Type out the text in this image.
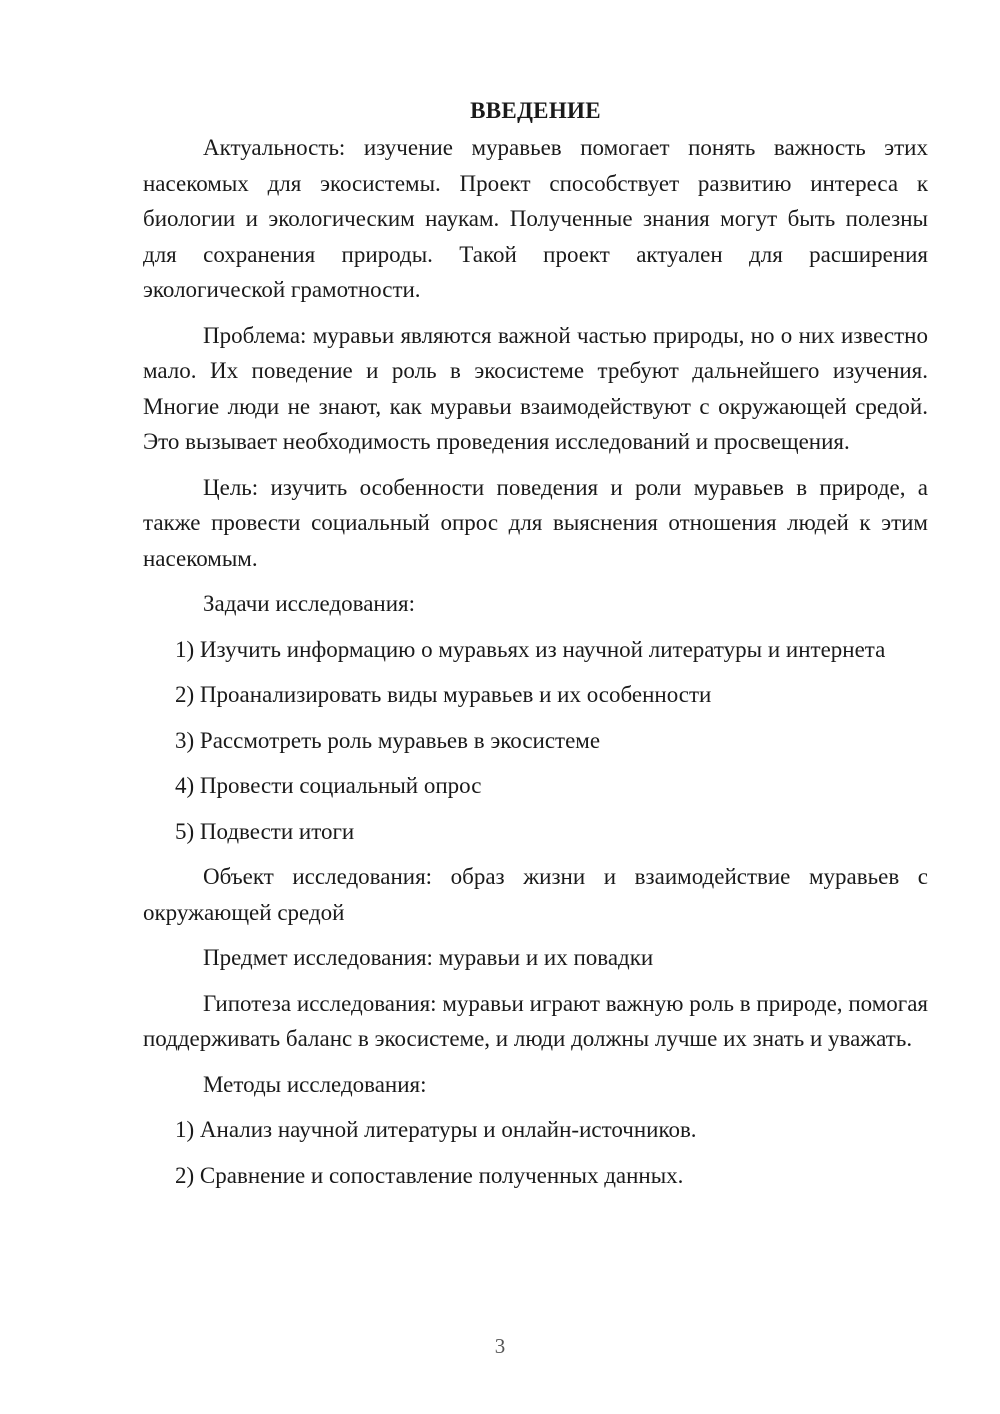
ВВЕДЕНИЕ

Актуальность: изучение муравьев помогает понять важность этих насекомых для экосистемы. Проект способствует развитию интереса к биологии и экологическим наукам. Полученные знания могут быть полезны для сохранения природы. Такой проект актуален для расширения экологической грамотности.

Проблема: муравьи являются важной частью природы, но о них известно мало. Их поведение и роль в экосистеме требуют дальнейшего изучения. Многие люди не знают, как муравьи взаимодействуют с окружающей средой. Это вызывает необходимость проведения исследований и просвещения.

Цель: изучить особенности поведения и роли муравьев в природе, а также провести социальный опрос для выяснения отношения людей к этим насекомым.

Задачи исследования:

1) Изучить информацию о муравьях из научной литературы и интернета

2) Проанализировать виды муравьев и их особенности

3) Рассмотреть роль муравьев в экосистеме

4) Провести социальный опрос

5) Подвести итоги

Объект исследования: образ жизни и взаимодействие муравьев с окружающей средой

Предмет исследования: муравьи и их повадки

Гипотеза исследования: муравьи играют важную роль в природе, помогая поддерживать баланс в экосистеме, и люди должны лучше их знать и уважать.

Методы исследования:

1) Анализ научной литературы и онлайн-источников.

2) Сравнение и сопоставление полученных данных.

3
